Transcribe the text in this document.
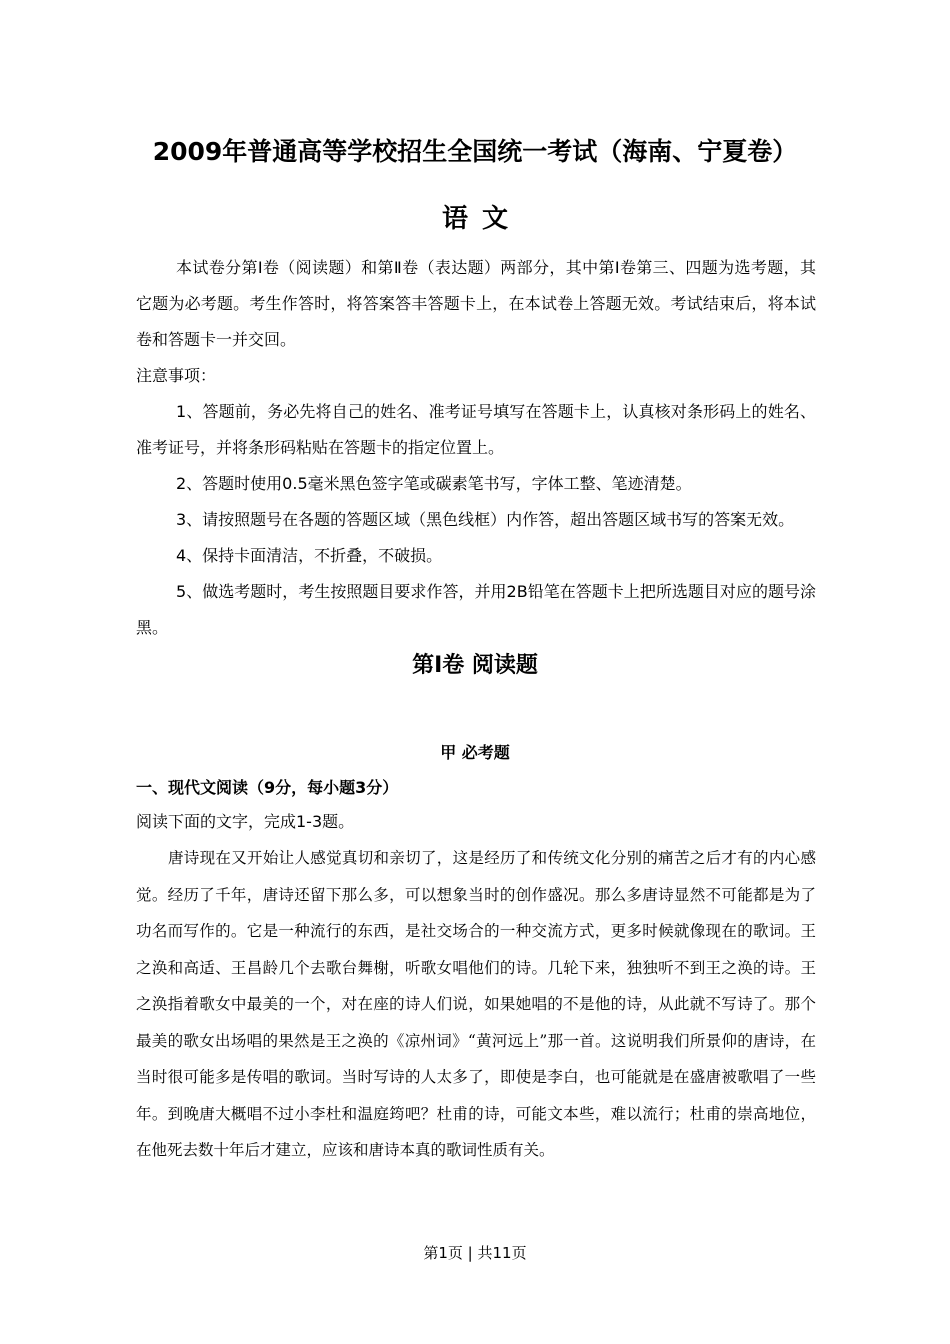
2009年普通高等学校招生全国统一考试（海南、宁夏卷）
语文
本试卷分第Ⅰ卷（阅读题）和第Ⅱ卷（表达题）两部分，其中第Ⅰ卷第三、四题为选考题，其它题为必考题。考生作答时，将答案答丰答题卡上，在本试卷上答题无效。考试结束后，将本试卷和答题卡一并交回。
注意事项：

1、答题前，务必先将自己的姓名、准考证号填写在答题卡上，认真核对条形码上的姓名、准考证号，并将条形码粘贴在答题卡的指定位置上。

2、答题时使用0.5毫米黑色签字笔或碳素笔书写，字体工整、笔迹清楚。

3、请按照题号在各题的答题区域（黑色线框）内作答，超出答题区域书写的答案无效。

4、保持卡面清洁，不折叠，不破损。

5、做选考题时，考生按照题目要求作答，并用2B铅笔在答题卡上把所选题目对应的题号涂黑。

第Ⅰ卷 阅读题
甲 必考题
一、现代文阅读（9分，每小题3分）
阅读下面的文字，完成1-3题。

唐诗现在又开始让人感觉真切和亲切了，这是经历了和传统文化分别的痛苦之后才有的内心感觉。经历了千年，唐诗还留下那么多，可以想象当时的创作盛况。那么多唐诗显然不可能都是为了功名而写作的。它是一种流行的东西，是社交场合的一种交流方式，更多时候就像现在的歌词。王之涣和高适、王昌龄几个去歌台舞榭，听歌女唱他们的诗。几轮下来，独独听不到王之涣的诗。王之涣指着歌女中最美的一个，对在座的诗人们说，如果她唱的不是他的诗，从此就不写诗了。那个最美的歌女出场唱的果然是王之涣的《凉州词》“黄河远上”那一首。这说明我们所景仰的唐诗，在当时很可能多是传唱的歌词。当时写诗的人太多了，即使是李白，也可能就是在盛唐被歌唱了一些年。到晚唐大概唱不过小李杜和温庭筠吧？杜甫的诗，可能文本些，难以流行；杜甫的崇高地位，在他死去数十年后才建立，应该和唐诗本真的歌词性质有关。

第1页 | 共11页
